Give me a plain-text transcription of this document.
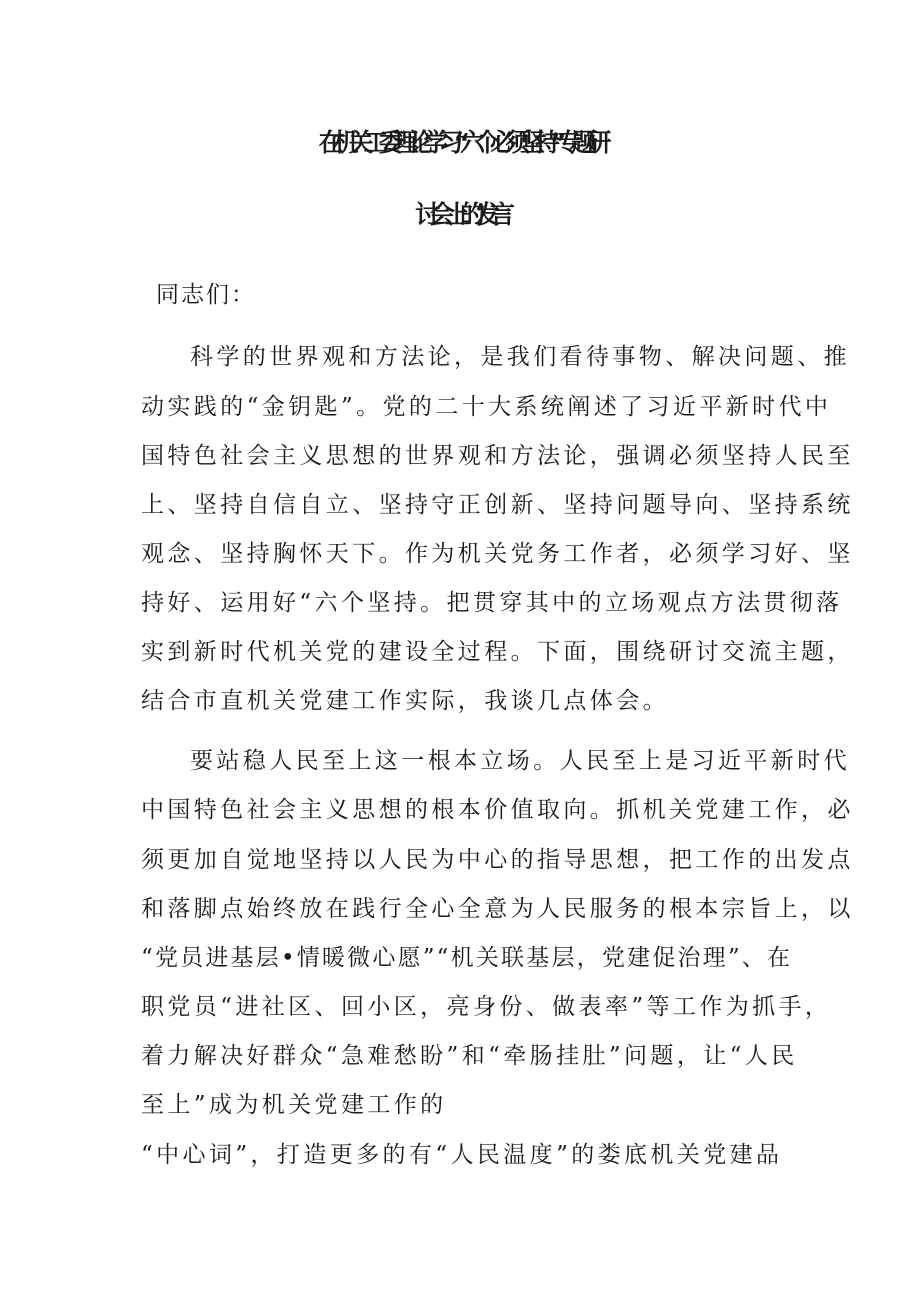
在机关工委理论学习“六个必须坚持”专题研
讨会上的发言
同志们：
科学的世界观和方法论，是我们看待事物、解决问题、推
动实践的“金钥匙”。党的二十大系统阐述了习近平新时代中
国特色社会主义思想的世界观和方法论，强调必须坚持人民至
上、坚持自信自立、坚持守正创新、坚持问题导向、坚持系统
观念、坚持胸怀天下。作为机关党务工作者，必须学习好、坚
持好、运用好“六个坚持。把贯穿其中的立场观点方法贯彻落
实到新时代机关党的建设全过程。下面，围绕研讨交流主题，
结合市直机关党建工作实际，我谈几点体会。
要站稳人民至上这一根本立场。人民至上是习近平新时代
中国特色社会主义思想的根本价值取向。抓机关党建工作，必
须更加自觉地坚持以人民为中心的指导思想，把工作的出发点
和落脚点始终放在践行全心全意为人民服务的根本宗旨上，以
“党员进基层•情暖微心愿”“机关联基层，党建促治理”、在
职党员“进社区、回小区，亮身份、做表率”等工作为抓手，
着力解决好群众“急难愁盼”和“牵肠挂肚”问题，让“人民
至上”成为机关党建工作的
“中心词”，打造更多的有“人民温度”的娄底机关党建品
